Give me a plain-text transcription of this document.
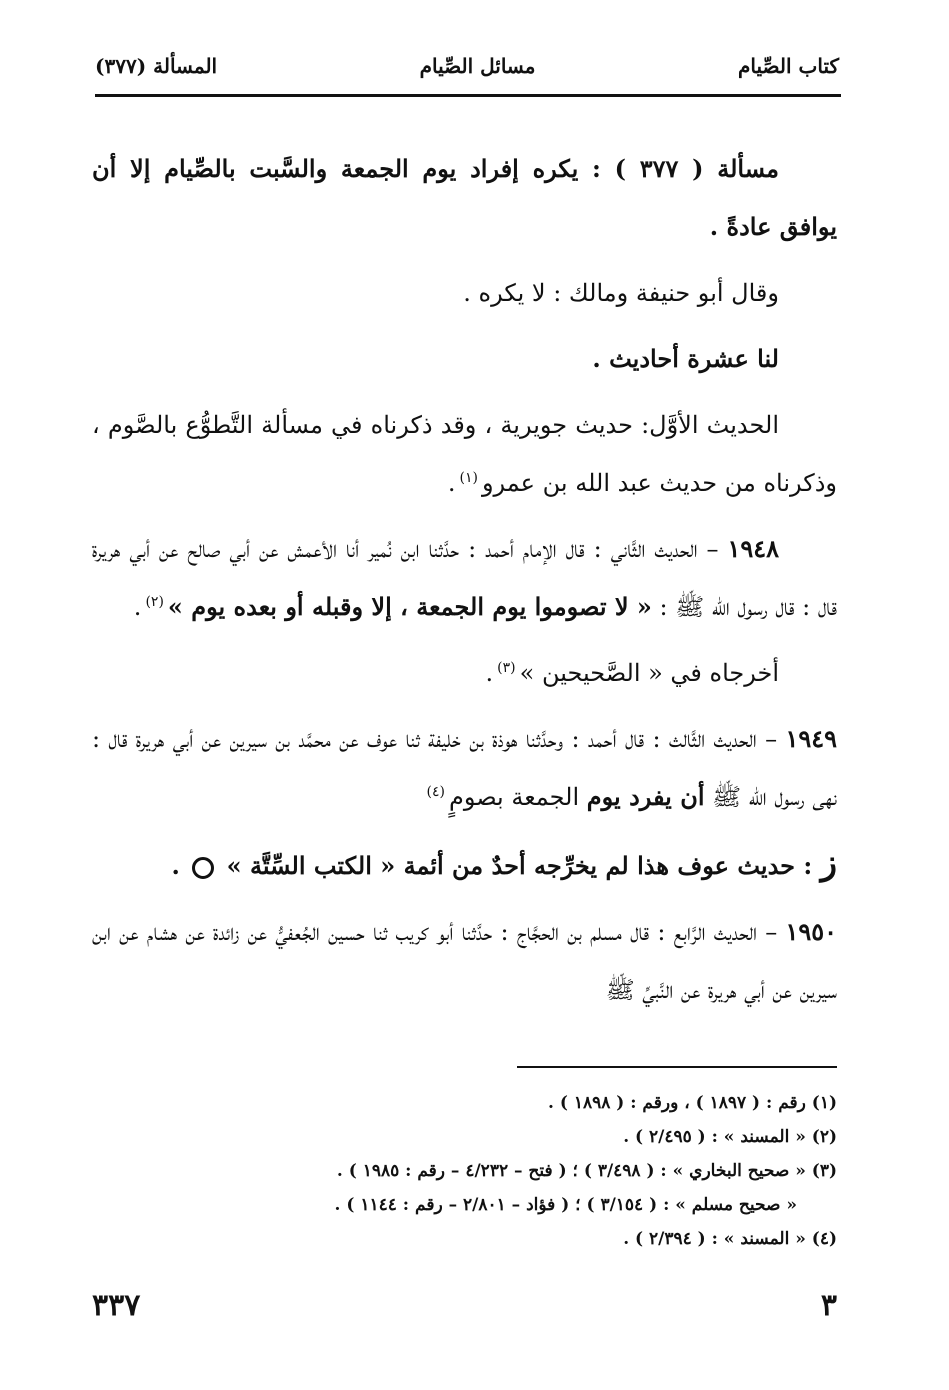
كتاب الصِّيام
مسائل الصِّيام
المسألة (٣٧٧)

مسألة ( ٣٧٧ ) : يكره إفراد يوم الجمعة والسَّبت بالصِّيام إلا أن يوافق عادةً .

وقال أبو حنيفة ومالك : لا يكره .

لنا عشرة أحاديث .

الحديث الأوَّل: حديث جويرية ، وقد ذكرناه في مسألة التَّطوُّع بالصَّوم ، وذكرناه من حديث عبد الله بن عمرو$^{(١)}$.

١٩٤٨ – الحديث الثَّاني : قال الإمام أحمد : حدَّثنا ابن نُمير أنا الأعمش عن أبي صالح عن أبي هريرة قال : قال رسول الله ﷺ : « لا تصوموا يوم الجمعة ، إلا وقبله أو بعده يوم »$^{(٢)}$.

أخرجاه في « الصَّحيحين »$^{(٣)}$.

١٩٤٩ – الحديث الثَّالث : قال أحمد : وحدَّثنا هوذة بن خليفة ثنا عوف عن محمَّد بن سيرين عن أبي هريرة قال : نهى رسول الله ﷺ أن يفرد يوم الجمعة بصومٍ$^{(٤)}$

ز : حديث عوف هذا لم يخرِّجه أحدٌ من أئمة « الكتب السِّتَّة »  .

١٩٥٠ – الحديث الرَّابع : قال مسلم بن الحجَّاج : حدَّثنا أبو كريب ثنا حسين الجُعفيُّ عن زائدة عن هشام عن ابن سيرين عن أبي هريرة عن النَّبيِّ ﷺ

(١) رقم : ( ١٨٩٧ ) ، ورقم : ( ١٨٩٨ ) .
(٢) « المسند » : ( ٢/٤٩٥ ) .
(٣) « صحيح البخاري » : ( ٣/٤٩٨ ) ؛ ( فتح – ٤/٢٣٢ – رقم : ١٩٨٥ ) .
« صحيح مسلم » : ( ٣/١٥٤ ) ؛ ( فؤاد – ٢/٨٠١ – رقم : ١١٤٤ ) .
(٤) « المسند » : ( ٢/٣٩٤ ) .
٣
٣٣٧
